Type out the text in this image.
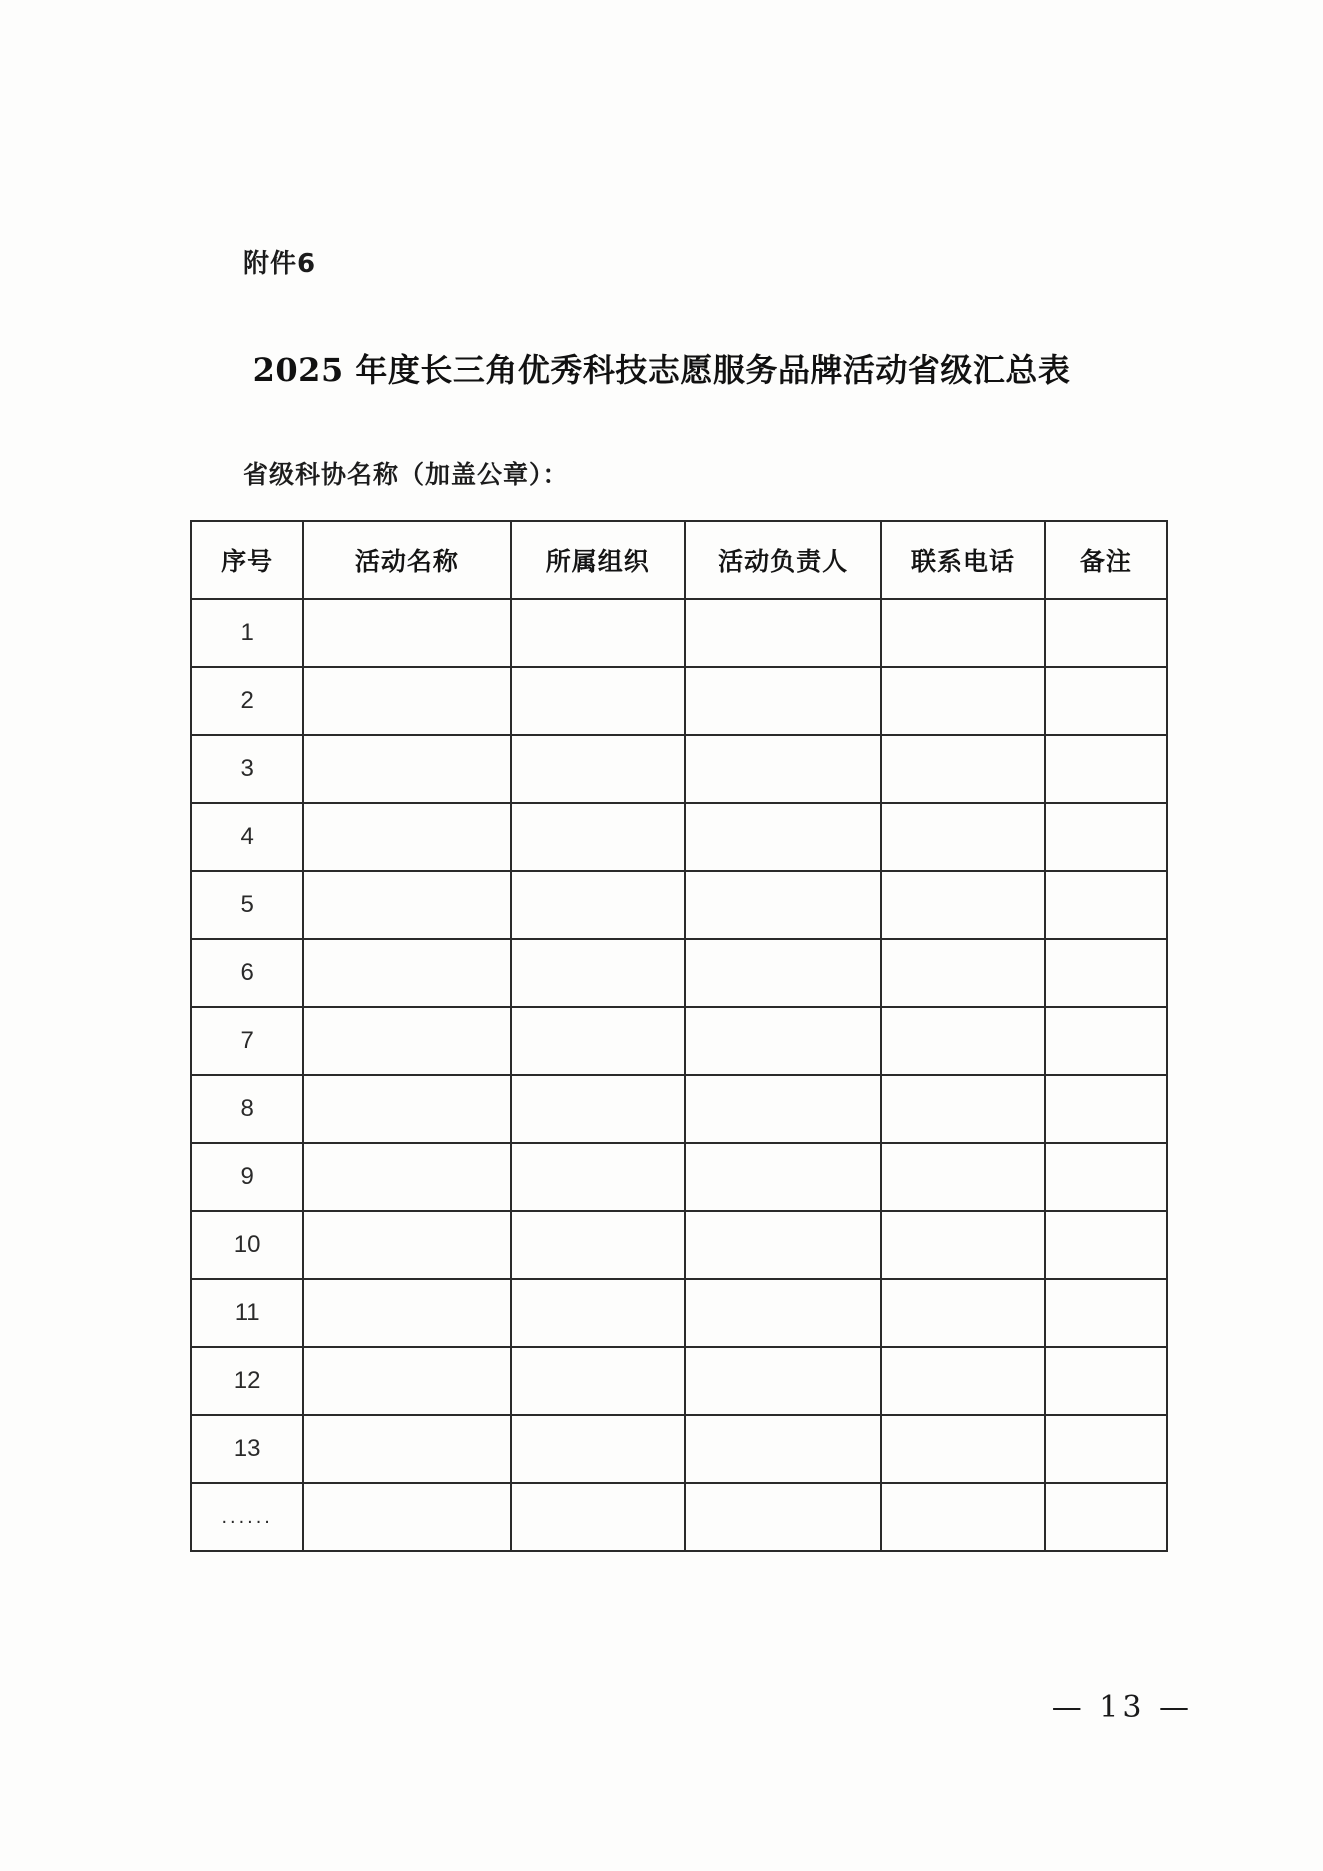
附件6
2025 年度长三角优秀科技志愿服务品牌活动省级汇总表
省级科协名称（加盖公章）：
序号	活动名称	所属组织	活动负责人	联系电话	备注
1					
2					
3					
4					
5					
6					
7					
8					
9					
10					
11					
12					
13					
......					
— 13 —
